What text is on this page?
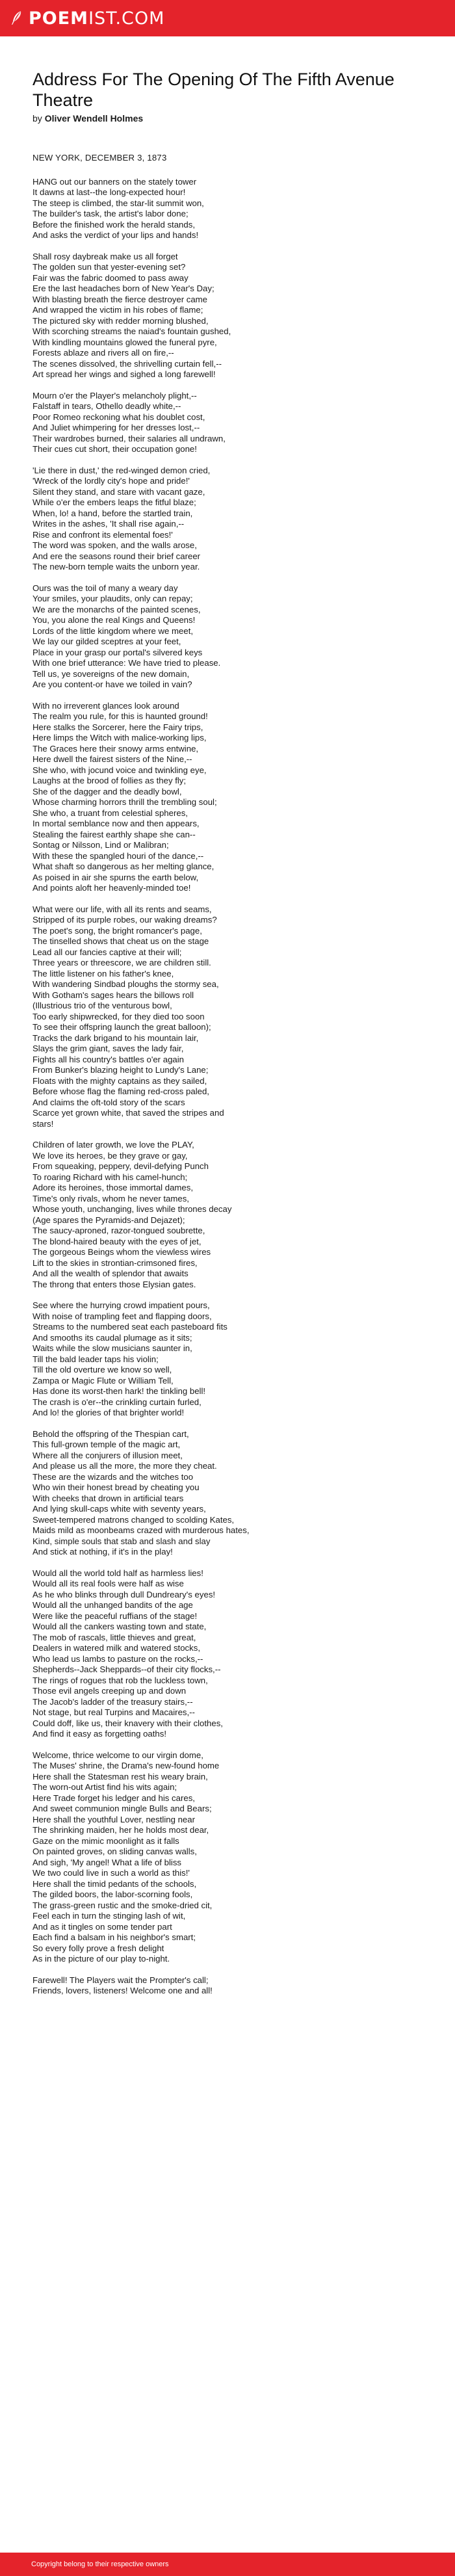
POEMIST.COM
Address For The Opening Of The Fifth Avenue Theatre
by Oliver Wendell Holmes
NEW YORK, DECEMBER 3, 1873
HANG out our banners on the stately tower
It dawns at last--the long-expected hour!
The steep is climbed, the star-lit summit won,
The builder's task, the artist's labor done;
Before the finished work the herald stands,
And asks the verdict of your lips and hands!
Shall rosy daybreak make us all forget
The golden sun that yester-evening set?
Fair was the fabric doomed to pass away
Ere the last headaches born of New Year's Day;
With blasting breath the fierce destroyer came
And wrapped the victim in his robes of flame;
The pictured sky with redder morning blushed,
With scorching streams the naiad's fountain gushed,
With kindling mountains glowed the funeral pyre,
Forests ablaze and rivers all on fire,--
The scenes dissolved, the shrivelling curtain fell,--
Art spread her wings and sighed a long farewell!
Mourn o'er the Player's melancholy plight,--
Falstaff in tears, Othello deadly white,--
Poor Romeo reckoning what his doublet cost,
And Juliet whimpering for her dresses lost,--
Their wardrobes burned, their salaries all undrawn,
Their cues cut short, their occupation gone!
'Lie there in dust,' the red-winged demon cried,
'Wreck of the lordly city's hope and pride!'
Silent they stand, and stare with vacant gaze,
While o'er the embers leaps the fitful blaze;
When, lo! a hand, before the startled train,
Writes in the ashes, 'It shall rise again,--
Rise and confront its elemental foes!'
The word was spoken, and the walls arose,
And ere the seasons round their brief career
The new-born temple waits the unborn year.
Ours was the toil of many a weary day
Your smiles, your plaudits, only can repay;
We are the monarchs of the painted scenes,
You, you alone the real Kings and Queens!
Lords of the little kingdom where we meet,
We lay our gilded sceptres at your feet,
Place in your grasp our portal's silvered keys
With one brief utterance: We have tried to please.
Tell us, ye sovereigns of the new domain,
Are you content-or have we toiled in vain?
With no irreverent glances look around
The realm you rule, for this is haunted ground!
Here stalks the Sorcerer, here the Fairy trips,
Here limps the Witch with malice-working lips,
The Graces here their snowy arms entwine,
Here dwell the fairest sisters of the Nine,--
She who, with jocund voice and twinkling eye,
Laughs at the brood of follies as they fly;
She of the dagger and the deadly bowl,
Whose charming horrors thrill the trembling soul;
She who, a truant from celestial spheres,
In mortal semblance now and then appears,
Stealing the fairest earthly shape she can--
Sontag or Nilsson, Lind or Malibran;
With these the spangled houri of the dance,--
What shaft so dangerous as her melting glance,
As poised in air she spurns the earth below,
And points aloft her heavenly-minded toe!
What were our life, with all its rents and seams,
Stripped of its purple robes, our waking dreams?
The poet's song, the bright romancer's page,
The tinselled shows that cheat us on the stage
Lead all our fancies captive at their will;
Three years or threescore, we are children still.
The little listener on his father's knee,
With wandering Sindbad ploughs the stormy sea,
With Gotham's sages hears the billows roll
(Illustrious trio of the venturous bowl,
Too early shipwrecked, for they died too soon
To see their offspring launch the great balloon);
Tracks the dark brigand to his mountain lair,
Slays the grim giant, saves the lady fair,
Fights all his country's battles o'er again
From Bunker's blazing height to Lundy's Lane;
Floats with the mighty captains as they sailed,
Before whose flag the flaming red-cross paled,
And claims the oft-told story of the scars
Scarce yet grown white, that saved the stripes and
stars!
Children of later growth, we love the PLAY,
We love its heroes, be they grave or gay,
From squeaking, peppery, devil-defying Punch
To roaring Richard with his camel-hunch;
Adore its heroines, those immortal dames,
Time's only rivals, whom he never tames,
Whose youth, unchanging, lives while thrones decay
(Age spares the Pyramids-and Dejazet);
The saucy-aproned, razor-tongued soubrette,
The blond-haired beauty with the eyes of jet,
The gorgeous Beings whom the viewless wires
Lift to the skies in strontian-crimsoned fires,
And all the wealth of splendor that awaits
The throng that enters those Elysian gates.
See where the hurrying crowd impatient pours,
With noise of trampling feet and flapping doors,
Streams to the numbered seat each pasteboard fits
And smooths its caudal plumage as it sits;
Waits while the slow musicians saunter in,
Till the bald leader taps his violin;
Till the old overture we know so well,
Zampa or Magic Flute or William Tell,
Has done its worst-then hark! the tinkling bell!
The crash is o'er--the crinkling curtain furled,
And lo! the glories of that brighter world!
Behold the offspring of the Thespian cart,
This full-grown temple of the magic art,
Where all the conjurers of illusion meet,
And please us all the more, the more they cheat.
These are the wizards and the witches too
Who win their honest bread by cheating you
With cheeks that drown in artificial tears
And lying skull-caps white with seventy years,
Sweet-tempered matrons changed to scolding Kates,
Maids mild as moonbeams crazed with murderous hates,
Kind, simple souls that stab and slash and slay
And stick at nothing, if it's in the play!
Would all the world told half as harmless lies!
Would all its real fools were half as wise
As he who blinks through dull Dundreary's eyes!
Would all the unhanged bandits of the age
Were like the peaceful ruffians of the stage!
Would all the cankers wasting town and state,
The mob of rascals, little thieves and great,
Dealers in watered milk and watered stocks,
Who lead us lambs to pasture on the rocks,--
Shepherds--Jack Sheppards--of their city flocks,--
The rings of rogues that rob the luckless town,
Those evil angels creeping up and down
The Jacob's ladder of the treasury stairs,--
Not stage, but real Turpins and Macaires,--
Could doff, like us, their knavery with their clothes,
And find it easy as forgetting oaths!
Welcome, thrice welcome to our virgin dome,
The Muses' shrine, the Drama's new-found home
Here shall the Statesman rest his weary brain,
The worn-out Artist find his wits again;
Here Trade forget his ledger and his cares,
And sweet communion mingle Bulls and Bears;
Here shall the youthful Lover, nestling near
The shrinking maiden, her he holds most dear,
Gaze on the mimic moonlight as it falls
On painted groves, on sliding canvas walls,
And sigh, 'My angel! What a life of bliss
We two could live in such a world as this!'
Here shall the timid pedants of the schools,
The gilded boors, the labor-scorning fools,
The grass-green rustic and the smoke-dried cit,
Feel each in turn the stinging lash of wit,
And as it tingles on some tender part
Each find a balsam in his neighbor's smart;
So every folly prove a fresh delight
As in the picture of our play to-night.
Farewell! The Players wait the Prompter's call;
Friends, lovers, listeners! Welcome one and all!
Copyright belong to their respective owners
